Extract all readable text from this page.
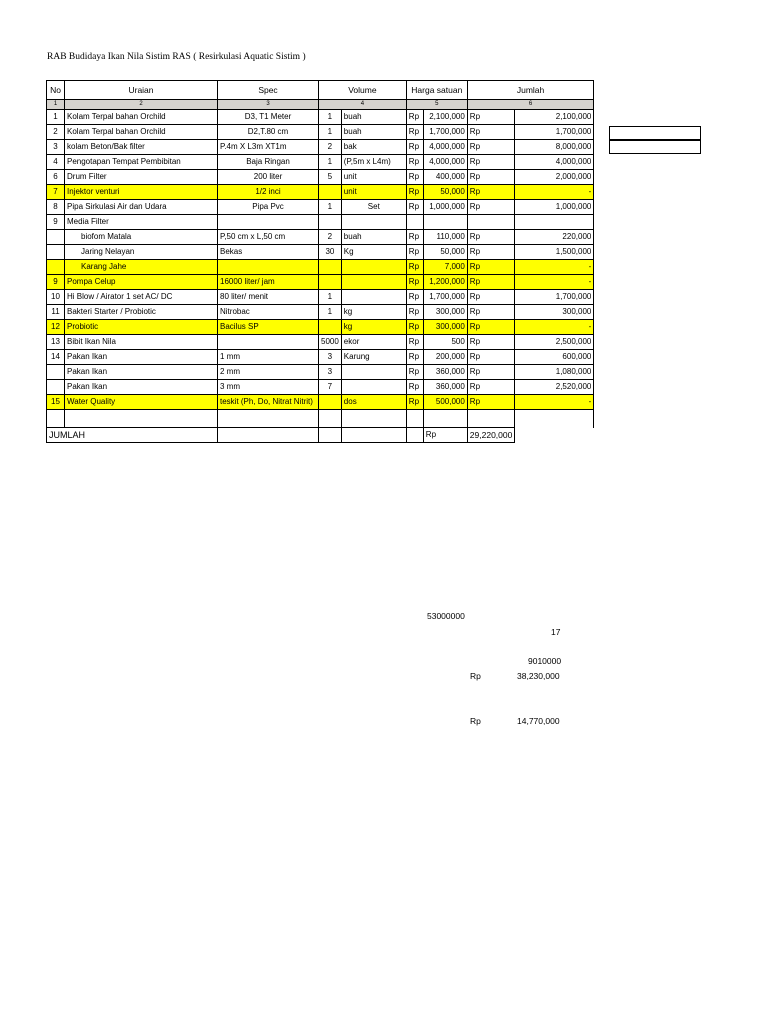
RAB Budidaya Ikan Nila Sistim RAS ( Resirkulasi Aquatic Sistim )
No	Uraian	Spec	Volume		Harga satuan		Jumlah	
1	2	3	4		5		6	
1	Kolam Terpal bahan Orchild	D3, T1 Meter	1	buah	Rp	2,100,000	Rp	2,100,000
2	Kolam Terpal bahan Orchild	D2,T.80 cm	1	buah	Rp	1,700,000	Rp	1,700,000
3	kolam Beton/Bak filter	P.4m X L3m XT1m	2	bak	Rp	4,000,000	Rp	8,000,000
4	Pengotapan Tempat Pembibitan	Baja Ringan	1	(P,5m x L4m)	Rp	4,000,000	Rp	4,000,000
6	Drum Filter	200 liter	5	unit	Rp	400,000	Rp	2,000,000
7	Injektor venturi	1/2 inci		unit	Rp	50,000	Rp	-
8	Pipa Sirkulasi Air dan Udara	Pipa Pvc	1	Set	Rp	1,000,000	Rp	1,000,000
9	Media Filter							
	biofom Matala	P,50 cm x L,50 cm	2	buah	Rp	110,000	Rp	220,000
	Jaring Nelayan	Bekas	30	Kg	Rp	50,000	Rp	1,500,000
	Karang Jahe				Rp	7,000	Rp	-
9	Pompa Celup	16000 liter/ jam			Rp	1,200,000	Rp	-
10	Hi Blow / Airator 1 set AC/ DC	80 liter/ menit	1		Rp	1,700,000	Rp	1,700,000
11	Bakteri Starter / Probiotic	Nitrobac	1	kg	Rp	300,000	Rp	300,000
12	Probiotic	Bacilus SP		kg	Rp	300,000	Rp	-
13	Bibit Ikan Nila		5000	ekor	Rp	500	Rp	2,500,000
14	Pakan Ikan	1 mm	3	Karung	Rp	200,000	Rp	600,000
	Pakan Ikan	2 mm	3		Rp	360,000	Rp	1,080,000
	Pakan Ikan	3 mm	7		Rp	360,000	Rp	2,520,000
15	Water Quality	teskit (Ph, Do, Nitrat Nitrit)		dos	Rp	500,000	Rp	-

JUMLAH						Rp	29,220,000	
53000000
17
9010000
Rp	38,230,000
Rp	14,770,000
